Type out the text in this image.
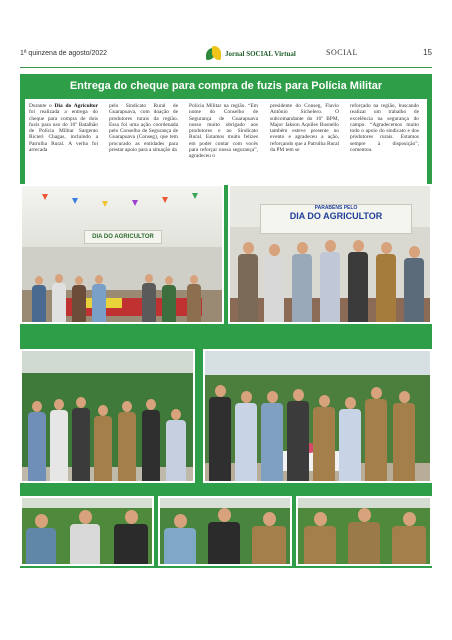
1ª quinzena de agosto/2022	Jornal SOCIAL Virtual	SOCIAL	15
Entrega do cheque para compra de fuzis para Polícia Militar
Durante o Dia do Agricultor foi realizada a entrega do cheque para compra de dois fuzis para uso do 16º Batalhão de Polícia Militar Sargento Ricieri Chagas, incluindo a Patrulha Rural. A verba foi arrecada
pelo Sindicato Rural de Guarapuava, com doação de produtores rurais da região. Essa foi uma ação coordenada pelo Conselho de Segurança de Guarapuava (Conseg), que tem procurado as entidades para prestar apoio para a situação da
Polícia Militar na região. “Em nome do Conselho de Segurança de Guarapuava nosso muito obrigado aos produtores e ao Sindicato Rural. Estamos muito felizes em poder contar com vocês para reforçar nossa segurança”, agradeceu o
presidente do Conseg, Flavio Antônio Sichelero. O subcomandante do 16º BPM, Major Jakson Aquiles Busnello também esteve presente no evento e agradeceu a ação, reforçando que a Patrulha Rural da PM tem se
reforçado na região, buscando realizar um trabalho de excelência na segurança do campo. “Agradecemos muito todo o apoio do sindicato e dos produtores rurais. Estamos sempre à disposição”, comentou.
DIA DO AGRICULTOR
PARABÉNS PELO
DIA DO AGRICULTOR
